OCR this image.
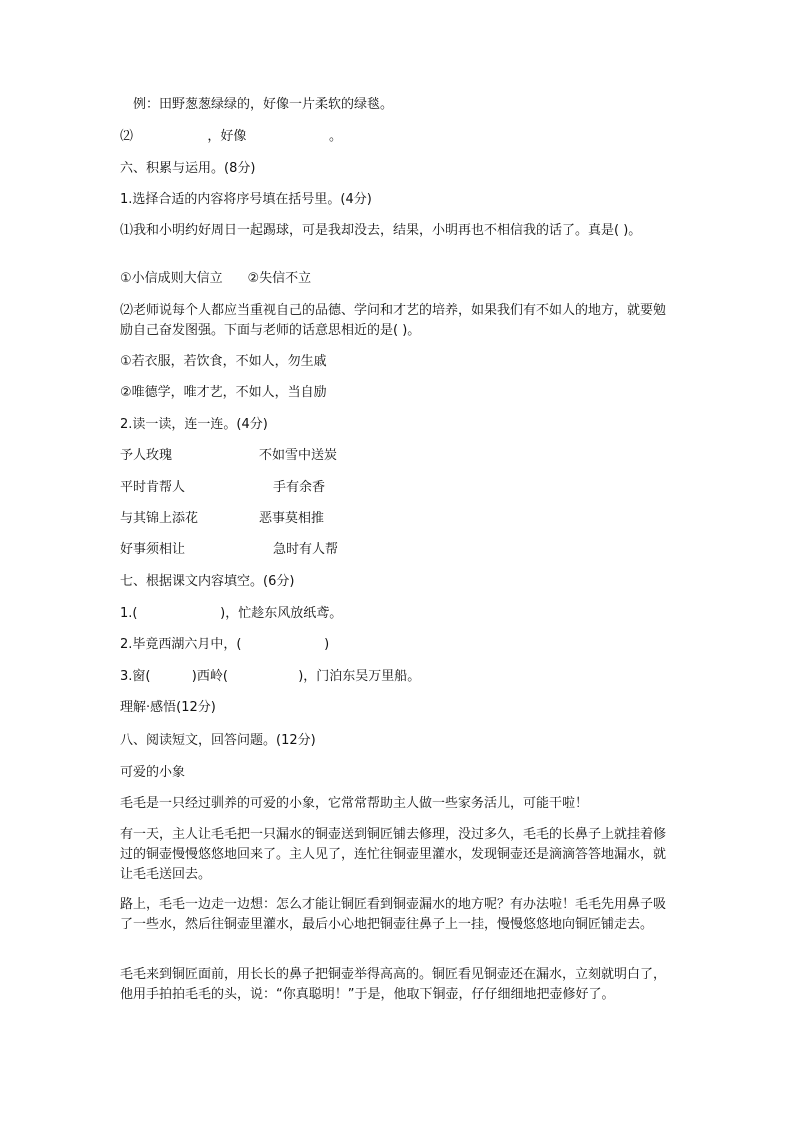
例：田野葱葱绿绿的，好像一片柔软的绿毯。

⑵                  ，好像                    。

六、积累与运用。(8分)

1.选择合适的内容将序号填在括号里。(4分)

⑴我和小明约好周日一起踢球，可是我却没去，结果，小明再也不相信我的话了。真是( )。

①小信成则大信立      ②失信不立

⑵老师说每个人都应当重视自己的品德、学问和才艺的培养，如果我们有不如人的地方，就要勉励自己奋发图强。下面与老师的话意思相近的是( )。

①若衣服，若饮食，不如人，勿生戚

②唯德学，唯才艺，不如人，当自励

2.读一读，连一连。(4分)

予人玫瑰	不如雪中送炭
平时肯帮人	手有余香
与其锦上添花	恶事莫相推
好事须相让	急时有人帮

七、根据课文内容填空。(6分)

1.(                    )，忙趁东风放纸鸢。

2.毕竟西湖六月中，(                    )

3.窗(          )西岭(                 )，门泊东吴万里船。

理解·感悟(12分)

八、阅读短文，回答问题。(12分)

可爱的小象

毛毛是一只经过驯养的可爱的小象，它常常帮助主人做一些家务活儿，可能干啦！

有一天，主人让毛毛把一只漏水的铜壶送到铜匠铺去修理，没过多久，毛毛的长鼻子上就挂着修过的铜壶慢慢悠悠地回来了。主人见了，连忙往铜壶里灌水，发现铜壶还是滴滴答答地漏水，就让毛毛送回去。

路上，毛毛一边走一边想：怎么才能让铜匠看到铜壶漏水的地方呢？有办法啦！毛毛先用鼻子吸了一些水，然后往铜壶里灌水，最后小心地把铜壶往鼻子上一挂，慢慢悠悠地向铜匠铺走去。

毛毛来到铜匠面前，用长长的鼻子把铜壶举得高高的。铜匠看见铜壶还在漏水，立刻就明白了，他用手拍拍毛毛的头，说：“你真聪明！”于是，他取下铜壶，仔仔细细地把壶修好了。
